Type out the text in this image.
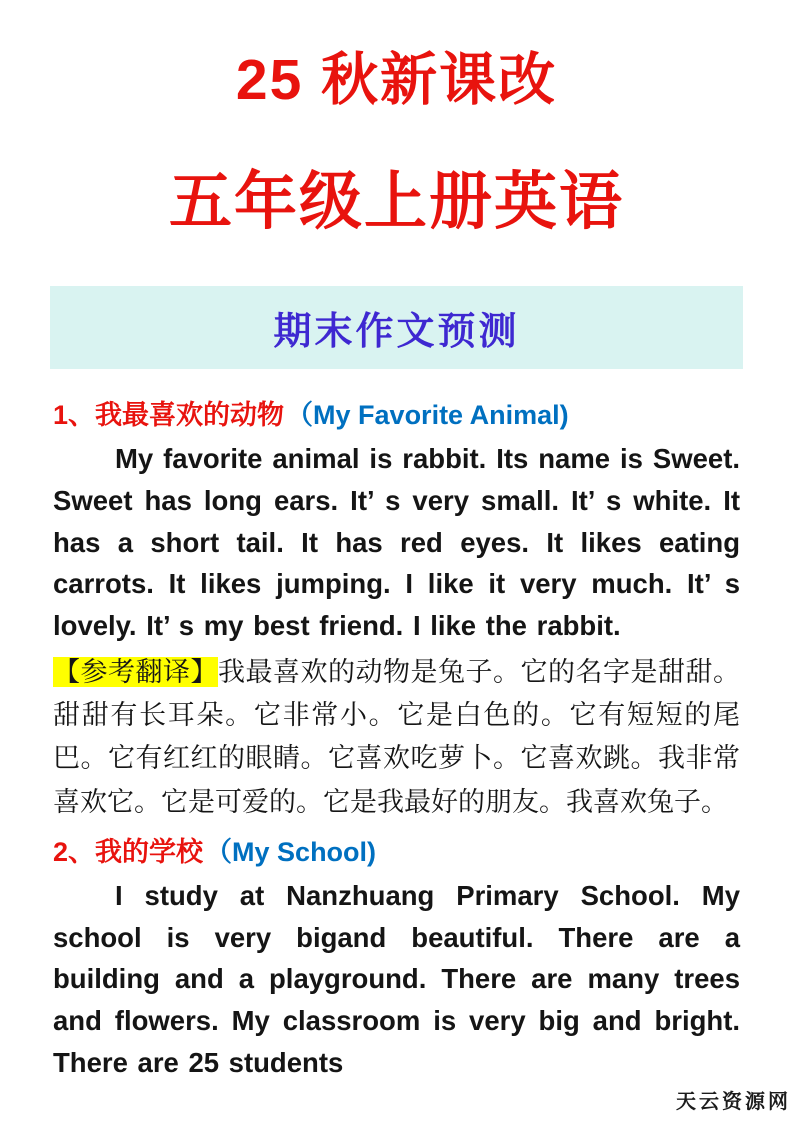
25 秋新课改
五年级上册英语
期末作文预测
1、我最喜欢的动物（My Favorite Animal)

My favorite animal is rabbit. Its name is Sweet. Sweet has long ears. It’ s very small. It’ s white. It has a short tail. It has red eyes. It likes eating carrots. It likes jumping. I like it very much. It’ s lovely. It’ s my best friend. I like the rabbit.

【参考翻译】我最喜欢的动物是兔子。它的名字是甜甜。甜甜有长耳朵。它非常小。它是白色的。它有短短的尾巴。它有红红的眼睛。它喜欢吃萝卜。它喜欢跳。我非常喜欢它。它是可爱的。它是我最好的朋友。我喜欢兔子。

2、我的学校（My School)

I study at Nanzhuang Primary School. My school is very bigand beautiful. There are a building and a playground. There are many trees and flowers. My classroom is very big and bright. There are 25 students

天云资源网
